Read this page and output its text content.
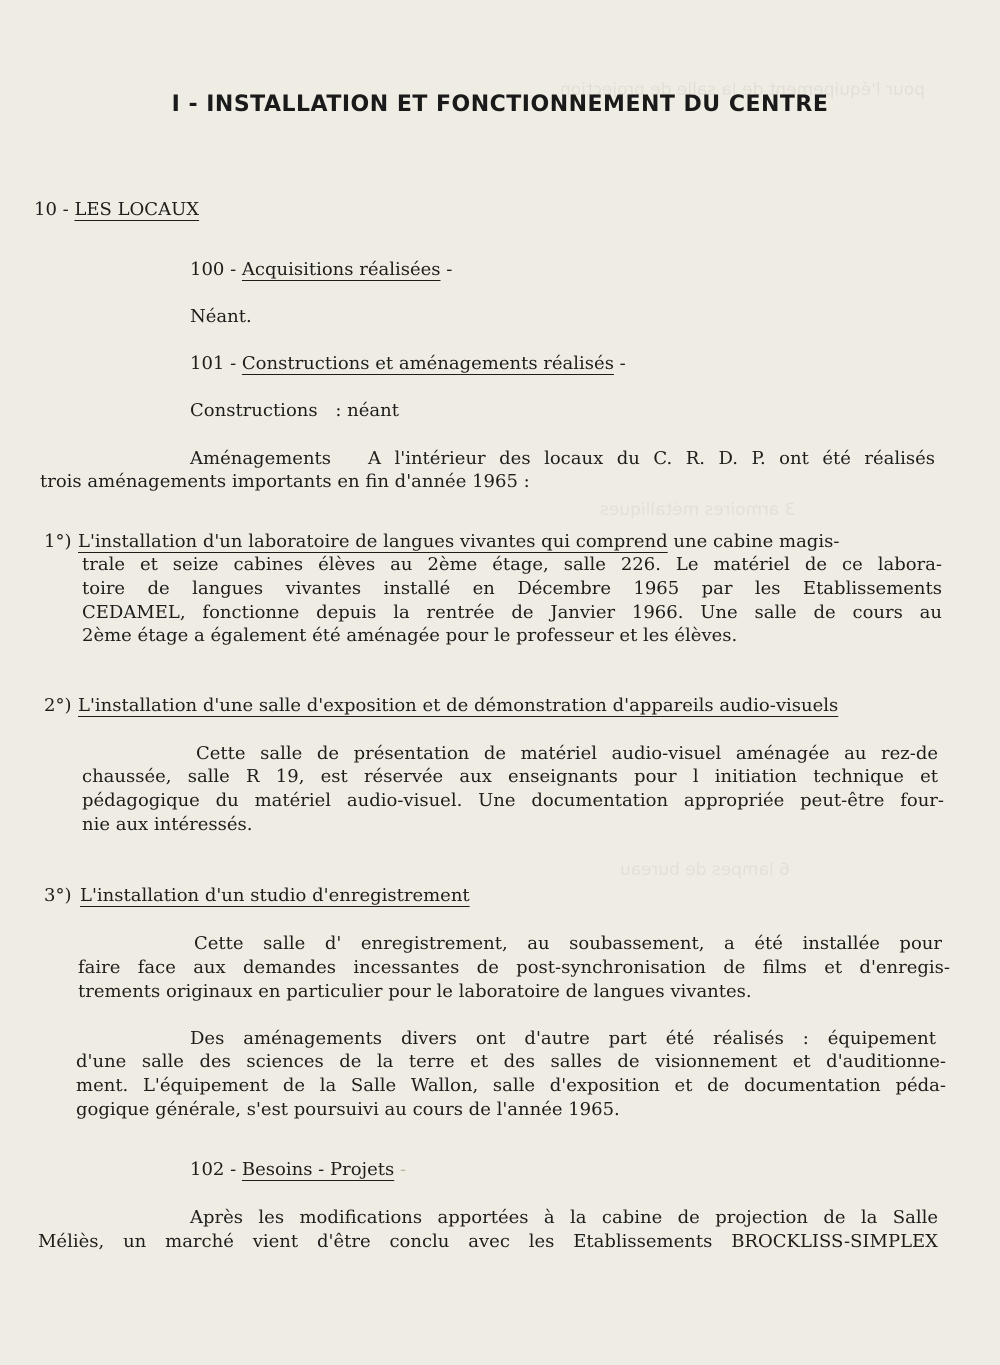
pour l'équipement de la salle de projection
3 armoires métalliques
6 lampes de bureau
I - INSTALLATION ET FONCTIONNEMENT DU CENTRE
10 - LES LOCAUX
100 - Acquisitions réalisées -
Néant.
101 - Constructions et aménagements réalisés -
Constructions : néant
Aménagements A l'intérieur des locaux du C. R. D. P. ont été réalisés
trois aménagements importants en fin d'année 1965 :
1°) L'installation d'un laboratoire de langues vivantes qui comprend une cabine magis-
trale et seize cabines élèves au 2ème étage, salle 226. Le matériel de ce labora-
toire de langues vivantes installé en Décembre 1965 par les Etablissements
CEDAMEL, fonctionne depuis la rentrée de Janvier 1966. Une salle de cours au
2ème étage a également été aménagée pour le professeur et les élèves.
2°) L'installation d'une salle d'exposition et de démonstration d'appareils audio-visuels
Cette salle de présentation de matériel audio-visuel aménagée au rez-de
chaussée, salle R 19, est réservée aux enseignants pour l initiation technique et
pédagogique du matériel audio-visuel. Une documentation appropriée peut-être four-
nie aux intéressés.
3°) L'installation d'un studio d'enregistrement
Cette salle d' enregistrement, au soubassement, a été installée pour
faire face aux demandes incessantes de post-synchronisation de films et d'enregis-
trements originaux en particulier pour le laboratoire de langues vivantes.
Des aménagements divers ont d'autre part été réalisés : équipement
d'une salle des sciences de la terre et des salles de visionnement et d'auditionne-
ment. L'équipement de la Salle Wallon, salle d'exposition et de documentation péda-
gogique générale, s'est poursuivi au cours de l'année 1965.
102 - Besoins - Projets -
Après les modifications apportées à la cabine de projection de la Salle
Méliès, un marché vient d'être conclu avec les Etablissements BROCKLISS-SIMPLEX
